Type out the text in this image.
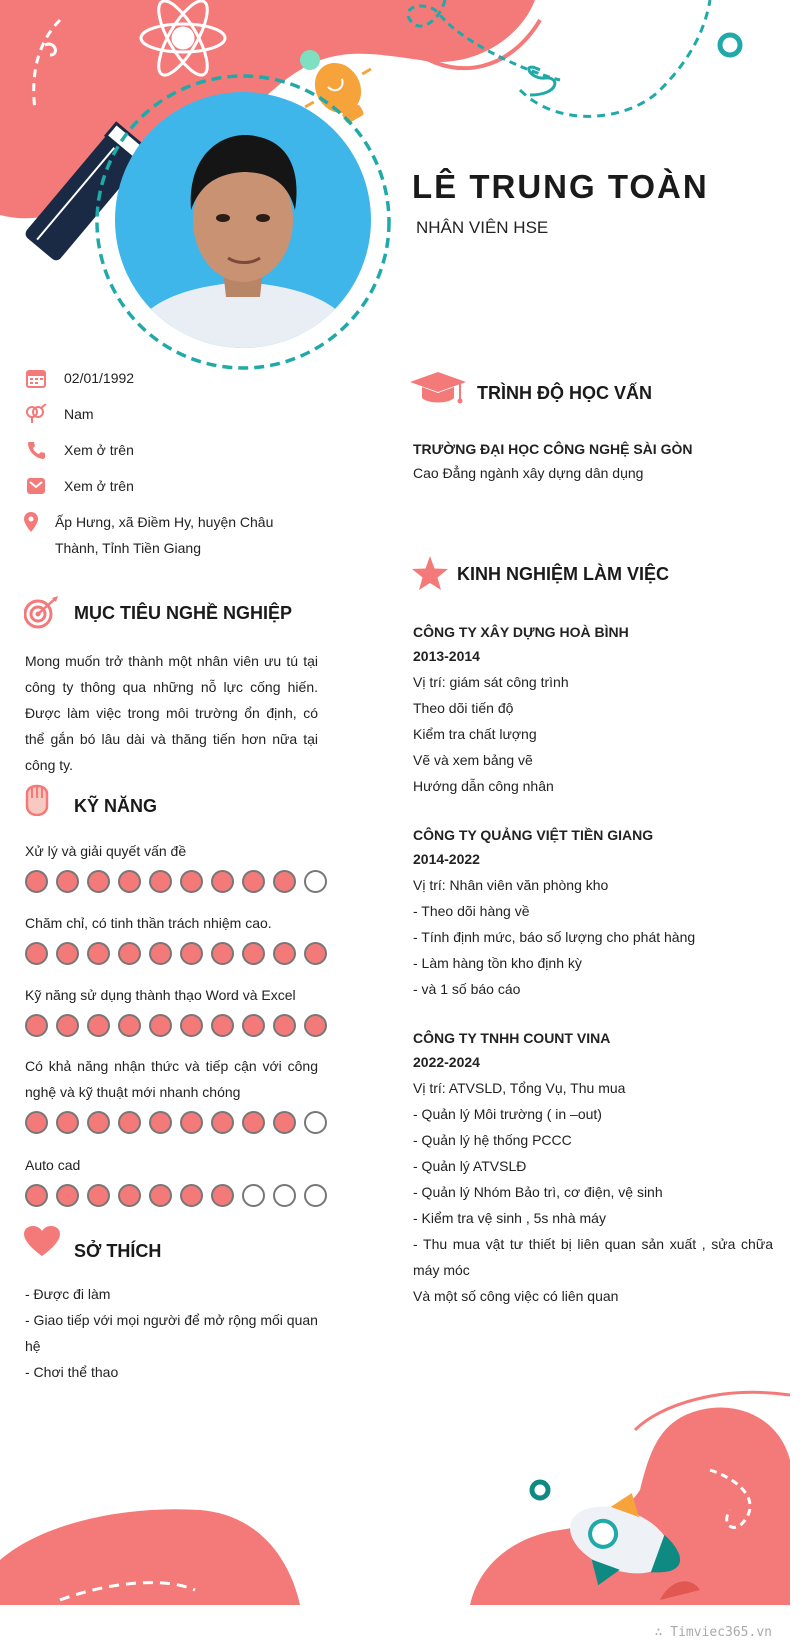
LÊ TRUNG TOÀN
NHÂN VIÊN HSE
02/01/1992
Nam
Xem ở trên
Xem ở trên
Ấp Hưng, xã Điềm Hy, huyện Châu Thành, Tỉnh Tiền Giang
MỤC TIÊU NGHỀ NGHIỆP
Mong muốn trở thành một nhân viên ưu tú tại công ty thông qua những nỗ lực cống hiến. Được làm việc trong môi trường ổn định, có thể gắn bó lâu dài và thăng tiến hơn nữa tại công ty.
KỸ NĂNG
Xử lý và giải quyết vấn đề
Chăm chỉ, có tinh thần trách nhiệm cao.
Kỹ năng sử dụng thành thạo Word và Excel
Có khả năng nhận thức và tiếp cận với công nghệ và kỹ thuật mới nhanh chóng
Auto cad
SỞ THÍCH
- Được đi làm
- Giao tiếp với mọi người để mở rộng mối quan hệ
- Chơi thể thao
TRÌNH ĐỘ HỌC VẤN
TRƯỜNG ĐẠI HỌC CÔNG NGHỆ SÀI GÒN
Cao Đẳng ngành xây dựng dân dụng
KINH NGHIỆM LÀM VIỆC
CÔNG TY XÂY DỰNG HOÀ BÌNH
2013-2014
Vị trí: giám sát công trình
Theo dõi tiến độ
Kiểm tra chất lượng
Vẽ và xem bảng vẽ
Hướng dẫn công nhân
CÔNG TY QUẢNG VIỆT TIỀN GIANG
2014-2022
Vị trí: Nhân viên văn phòng kho
- Theo dõi hàng về
- Tính định mức, báo số lượng cho phát hàng
- Làm hàng tồn kho định kỳ
- và 1 số báo cáo
CÔNG TY TNHH COUNT VINA
2022-2024
Vị trí: ATVSLD, Tổng Vụ, Thu mua
- Quản lý Môi trường ( in –out)
- Quản lý hệ thống PCCC
- Quản lý ATVSLĐ
- Quản lý Nhóm Bảo trì, cơ điện, vệ sinh
- Kiểm tra vệ sinh , 5s nhà máy
- Thu mua vật tư thiết bị liên quan sản xuất , sửa chữa máy móc
Và một số công việc có liên quan
∴ Timviec365.vn
